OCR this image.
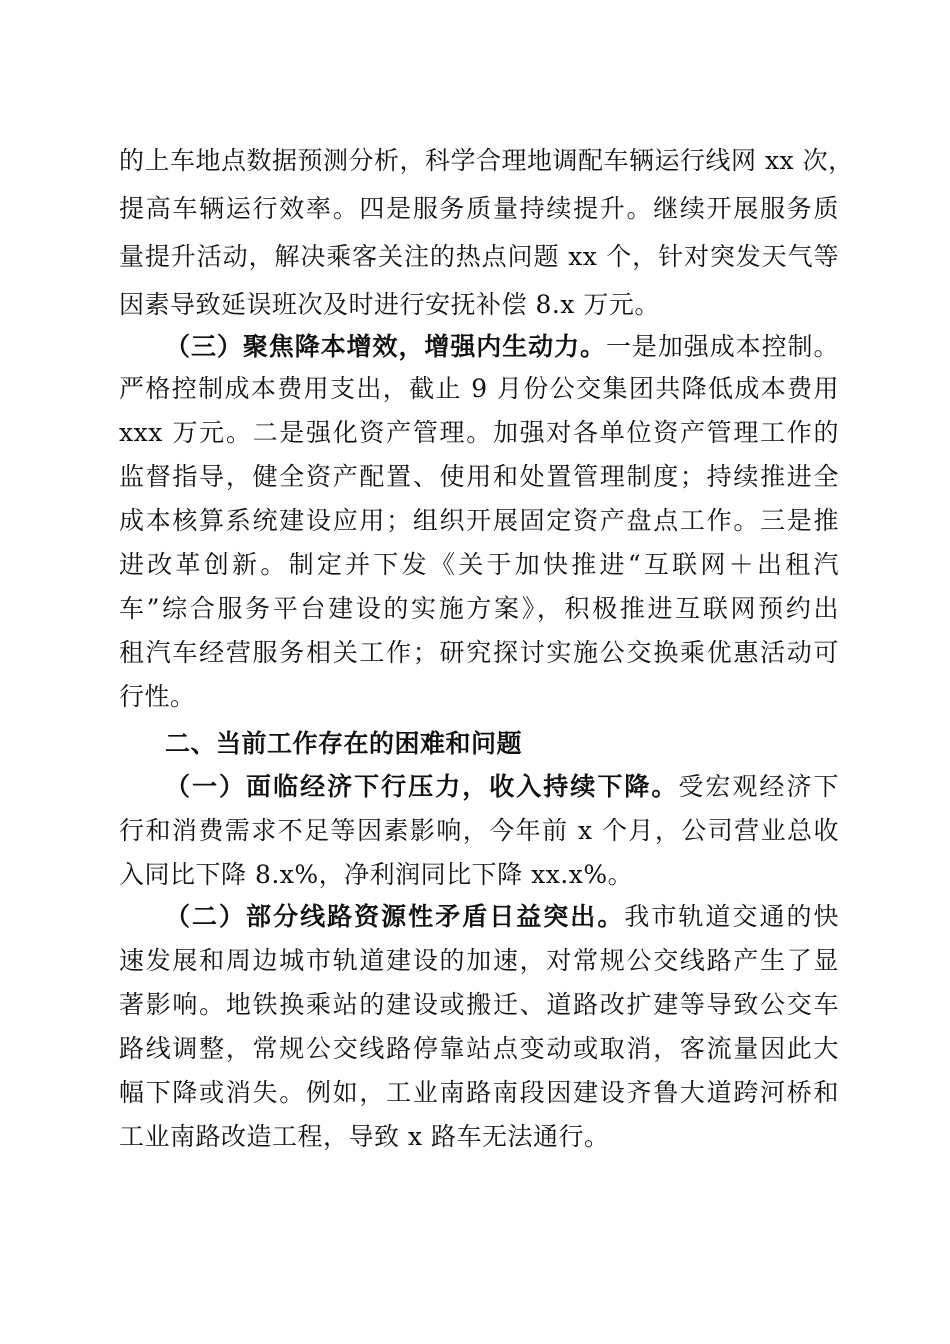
的上车地点数据预测分析，科学合理地调配车辆运行线网 xx 次，
提高车辆运行效率。四是服务质量持续提升。继续开展服务质
量提升活动，解决乘客关注的热点问题 xx 个，针对突发天气等
因素导致延误班次及时进行安抚补偿 8.x 万元。
（三）聚焦降本增效，增强内生动力。一是加强成本控制。
严格控制成本费用支出，截止 9 月份公交集团共降低成本费用
xxx 万元。二是强化资产管理。加强对各单位资产管理工作的
监督指导，健全资产配置、使用和处置管理制度；持续推进全
成本核算系统建设应用；组织开展固定资产盘点工作。三是推
进改革创新。制定并下发《关于加快推进“互联网＋出租汽
车”综合服务平台建设的实施方案》，积极推进互联网预约出
租汽车经营服务相关工作；研究探讨实施公交换乘优惠活动可
行性。
二、当前工作存在的困难和问题
（一）面临经济下行压力，收入持续下降。受宏观经济下
行和消费需求不足等因素影响，今年前 x 个月，公司营业总收
入同比下降 8.x%，净利润同比下降 xx.x%。
（二）部分线路资源性矛盾日益突出。我市轨道交通的快
速发展和周边城市轨道建设的加速，对常规公交线路产生了显
著影响。地铁换乘站的建设或搬迁、道路改扩建等导致公交车
路线调整，常规公交线路停靠站点变动或取消，客流量因此大
幅下降或消失。例如，工业南路南段因建设齐鲁大道跨河桥和
工业南路改造工程，导致 x 路车无法通行。
